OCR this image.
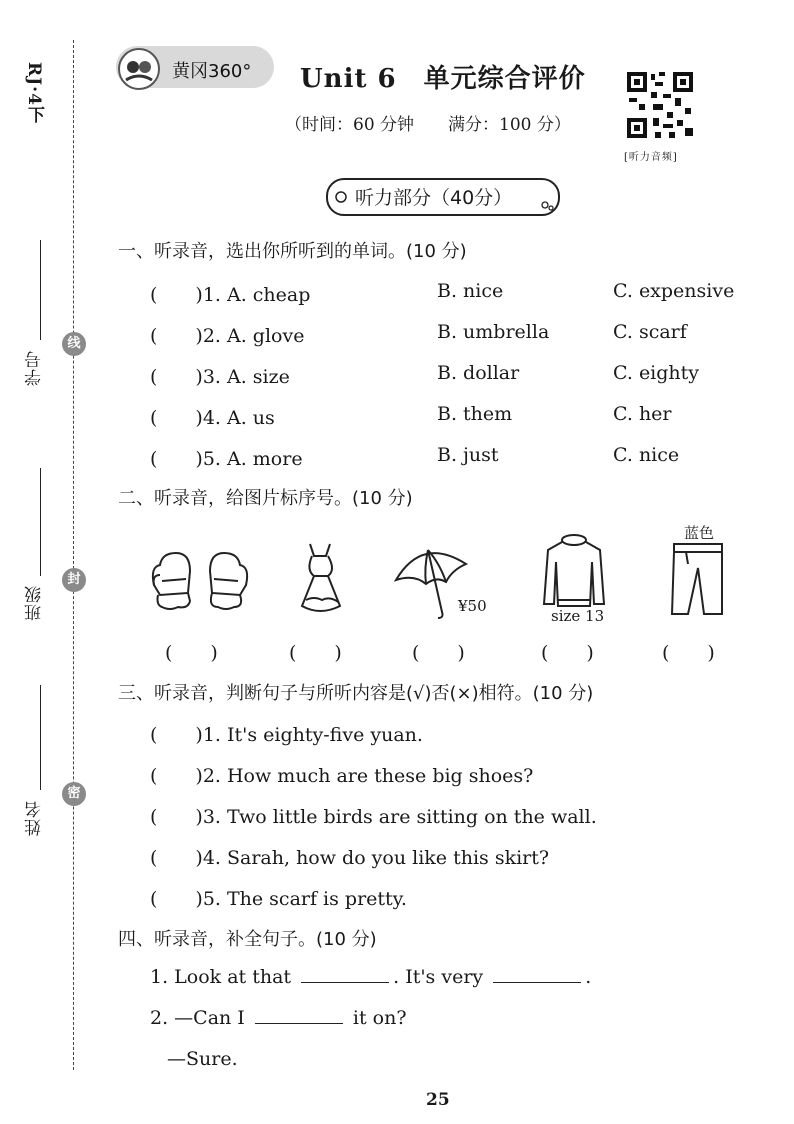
RJ·4下
线
封
密
学号
班级
姓名
黄冈360° Unit 6　单元综合评价
（时间：60 分钟　　满分：100 分）
[听力音频]
听力部分（40分）
一、听录音，选出你所听到的单词。(10 分)
(　　)1. A. cheap	B. nice	C. expensive
(　　)2. A. glove	B. umbrella	C. scarf
(　　)3. A. size	B. dollar	C. eighty
(　　)4. A. us	B. them	C. her
(　　)5. A. more	B. just	C. nice
二、听录音，给图片标序号。(10 分)
¥50
size 13
蓝色
(　　)	(　　)	(　　)	(　　)	(　　)
三、听录音，判断句子与所听内容是(√)否(×)相符。(10 分)
(　　)1. It's eighty-five yuan.
(　　)2. How much are these big shoes?
(　　)3. Two little birds are sitting on the wall.
(　　)4. Sarah, how do you like this skirt?
(　　)5. The scarf is pretty.
四、听录音，补全句子。(10 分)
1. Look at that	. It's very	.
2. —Can I	it on?
—Sure.
25
